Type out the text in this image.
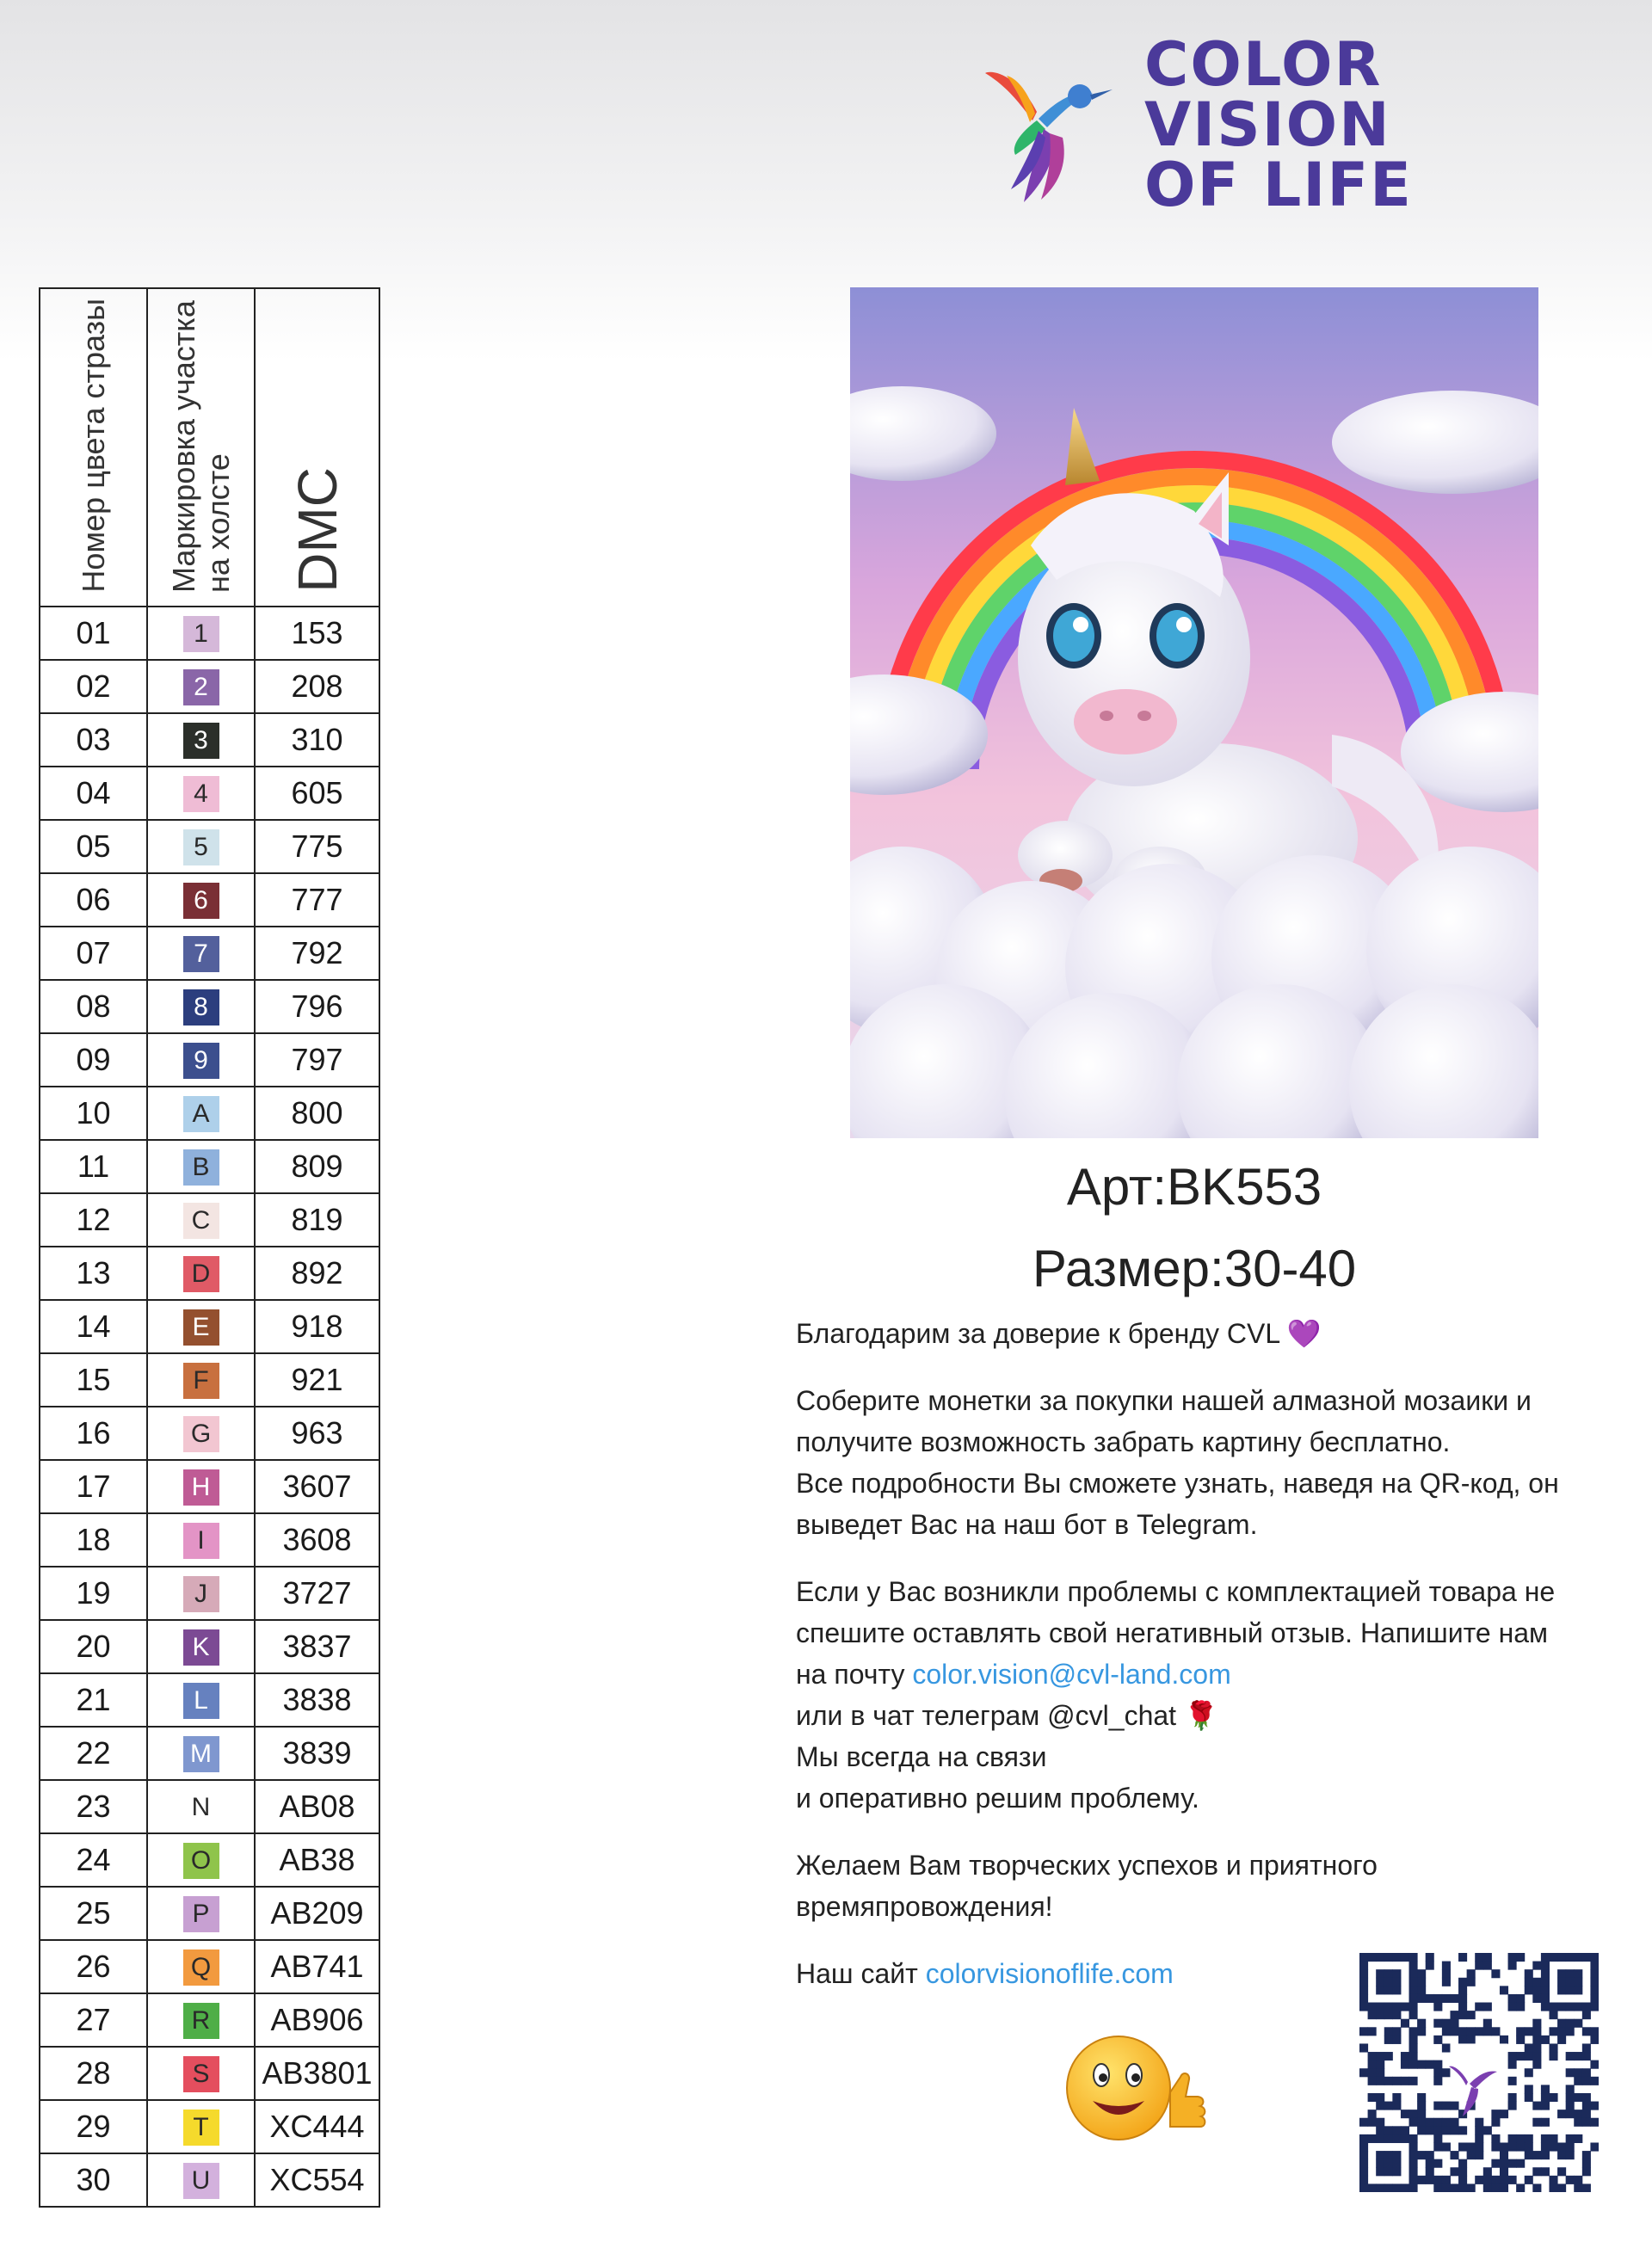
COLOR
VISION
OF LIFE
Номер цвета стразы	Маркировка участка на холсте	DMC
01	1	153
02	2	208
03	3	310
04	4	605
05	5	775
06	6	777
07	7	792
08	8	796
09	9	797
10	A	800
11	B	809
12	C	819
13	D	892
14	E	918
15	F	921
16	G	963
17	H	3607
18	I	3608
19	J	3727
20	K	3837
21	L	3838
22	M	3839
23	N	AB08
24	O	AB38
25	P	AB209
26	Q	AB741
27	R	AB906
28	S	AB3801
29	T	XC444
30	U	XC554
Арт:BK553
Размер:30-40

Благодарим за доверие к бренду CVL 💜

Соберите монетки за покупки нашей алмазной мозаики и
получите возможность забрать картину бесплатно.
Все подробности Вы сможете узнать, наведя на QR-код, он
выведет Вас на наш бот в Telegram.

Если у Вас возникли проблемы с комплектацией товара не
спешите оставлять свой негативный отзыв. Напишите нам
на почту color.vision@cvl-land.com
или в чат телеграм @cvl_chat 🌹
Мы всегда на связи
и оперативно решим проблему.

Желаем Вам творческих успехов и приятного
времяпровождения!

Наш сайт colorvisionoflife.com
